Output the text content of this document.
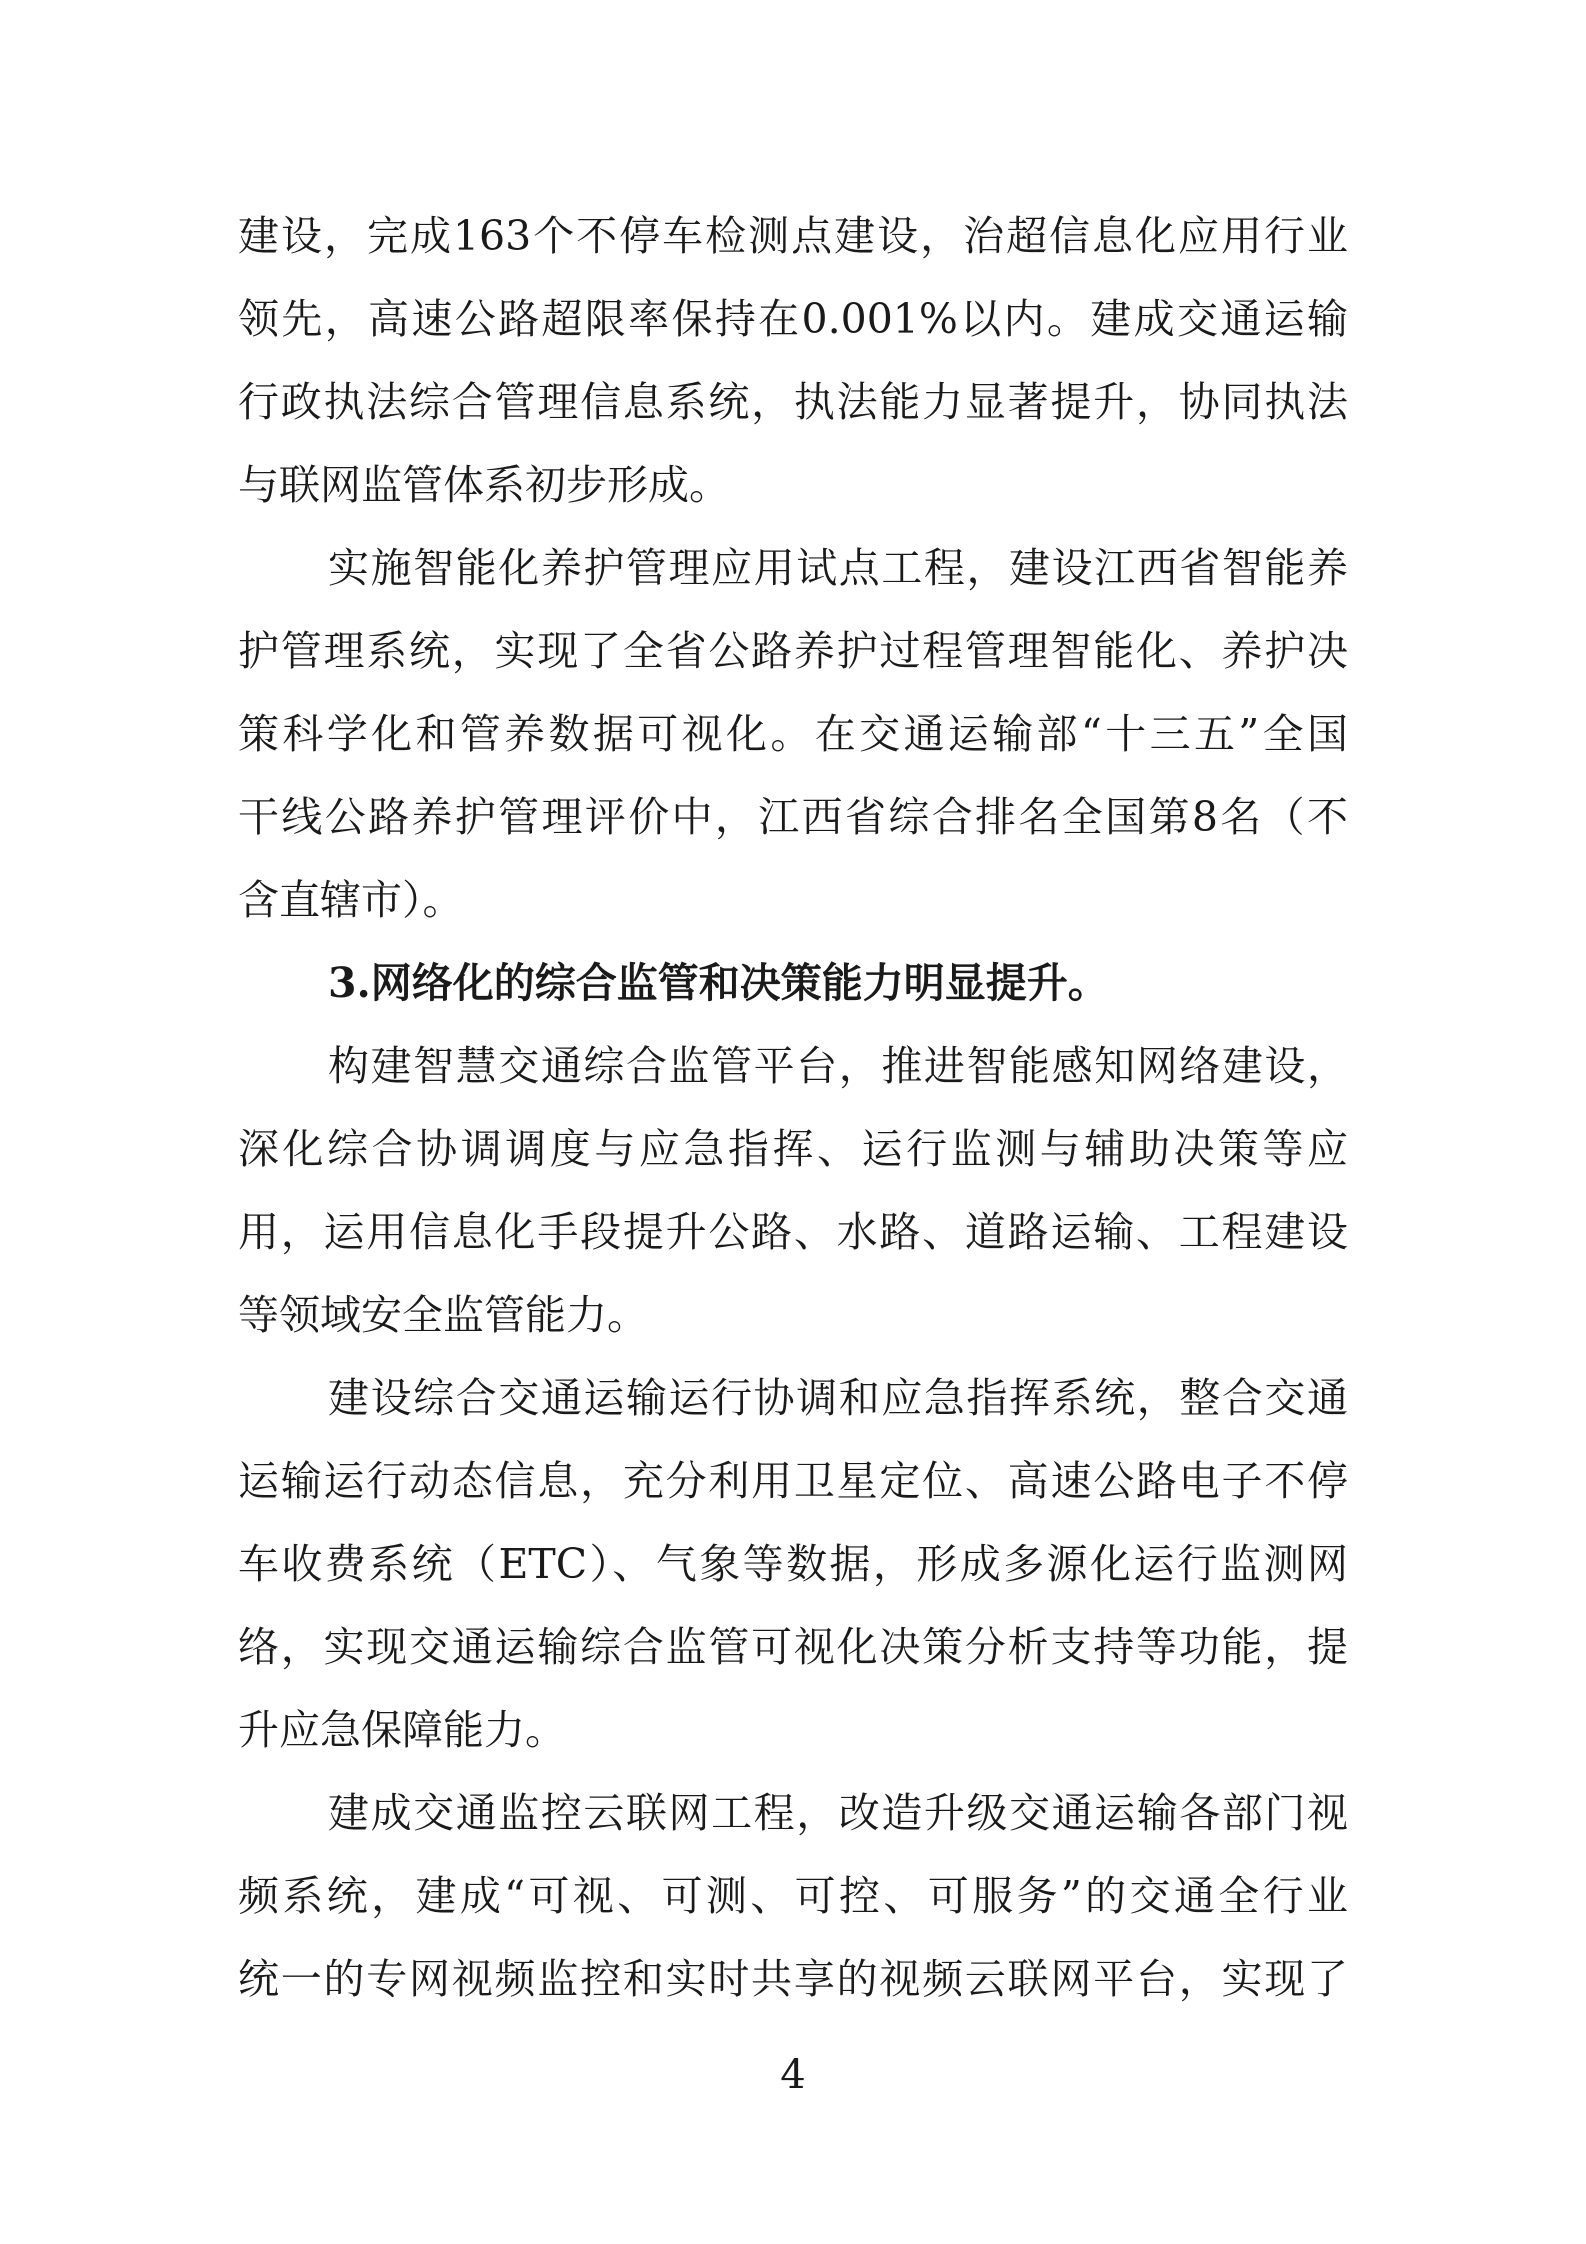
建设，完成163个不停车检测点建设，治超信息化应用行业

领先，高速公路超限率保持在0.001%以内。建成交通运输

行政执法综合管理信息系统，执法能力显著提升，协同执法

与联网监管体系初步形成。

实施智能化养护管理应用试点工程，建设江西省智能养

护管理系统，实现了全省公路养护过程管理智能化、养护决

策科学化和管养数据可视化。在交通运输部“十三五”全国

干线公路养护管理评价中，江西省综合排名全国第8名（不

含直辖市）。

3.网络化的综合监管和决策能力明显提升。

构建智慧交通综合监管平台，推进智能感知网络建设，

深化综合协调调度与应急指挥、运行监测与辅助决策等应

用，运用信息化手段提升公路、水路、道路运输、工程建设

等领域安全监管能力。

建设综合交通运输运行协调和应急指挥系统，整合交通

运输运行动态信息，充分利用卫星定位、高速公路电子不停

车收费系统（ETC）、气象等数据，形成多源化运行监测网

络，实现交通运输综合监管可视化决策分析支持等功能，提

升应急保障能力。

建成交通监控云联网工程，改造升级交通运输各部门视

频系统，建成“可视、可测、可控、可服务”的交通全行业

统一的专网视频监控和实时共享的视频云联网平台，实现了

4
